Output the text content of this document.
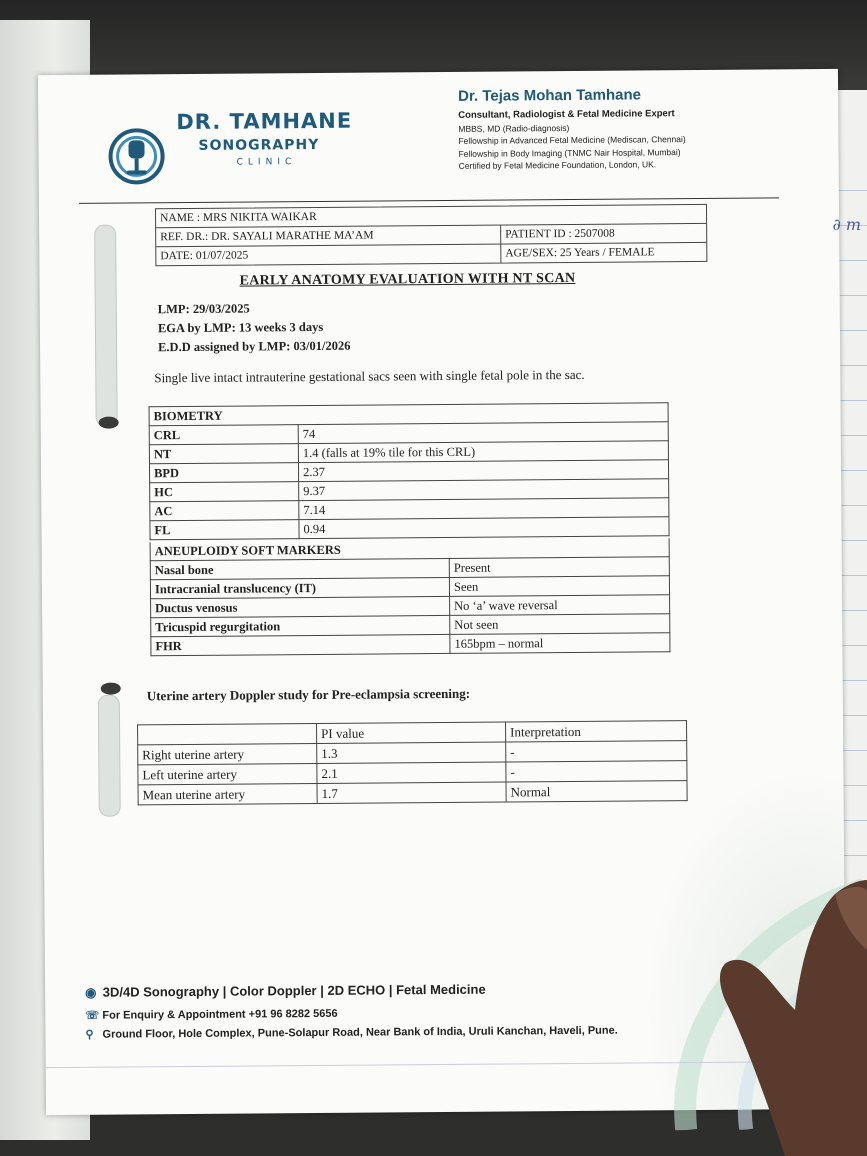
DR. TAMHANE
SONOGRAPHY
CLINIC
Dr. Tejas Mohan Tamhane
Consultant, Radiologist & Fetal Medicine Expert
MBBS, MD (Radio-diagnosis)
Fellowship in Advanced Fetal Medicine (Mediscan, Chennai)
Fellowship in Body Imaging (TNMC Nair Hospital, Mumbai)
Certified by Fetal Medicine Foundation, London, UK.
NAME : MRS NIKITA WAIKAR
REF. DR.: DR. SAYALI MARATHE MA’AM	PATIENT ID : 2507008
DATE: 01/07/2025	AGE/SEX: 25 Years / FEMALE
EARLY ANATOMY EVALUATION WITH NT SCAN
LMP: 29/03/2025
EGA by LMP: 13 weeks 3 days
E.D.D assigned by LMP: 03/01/2026
Single live intact intrauterine gestational sacs seen with single fetal pole in the sac.
BIOMETRY	
CRL	74
NT	1.4 (falls at 19% tile for this CRL)
BPD	2.37
HC	9.37
AC	7.14
FL	0.94
ANEUPLOIDY SOFT MARKERS	
Nasal bone	Present
Intracranial translucency (IT)	Seen
Ductus venosus	No ‘a’ wave reversal
Tricuspid regurgitation	Not seen
FHR	165bpm – normal
Uterine artery Doppler study for Pre-eclampsia screening:
	PI value	Interpretation
Right uterine artery	1.3	-
Left uterine artery	2.1	-
Mean uterine artery	1.7	Normal
◉ 3D/4D Sonography | Color Doppler | 2D ECHO | Fetal Medicine
☏ For Enquiry & Appointment +91 96 8282 5656
⚲ Ground Floor, Hole Complex, Pune-Solapur Road, Near Bank of India, Uruli Kanchan, Haveli, Pune.
∂ m
